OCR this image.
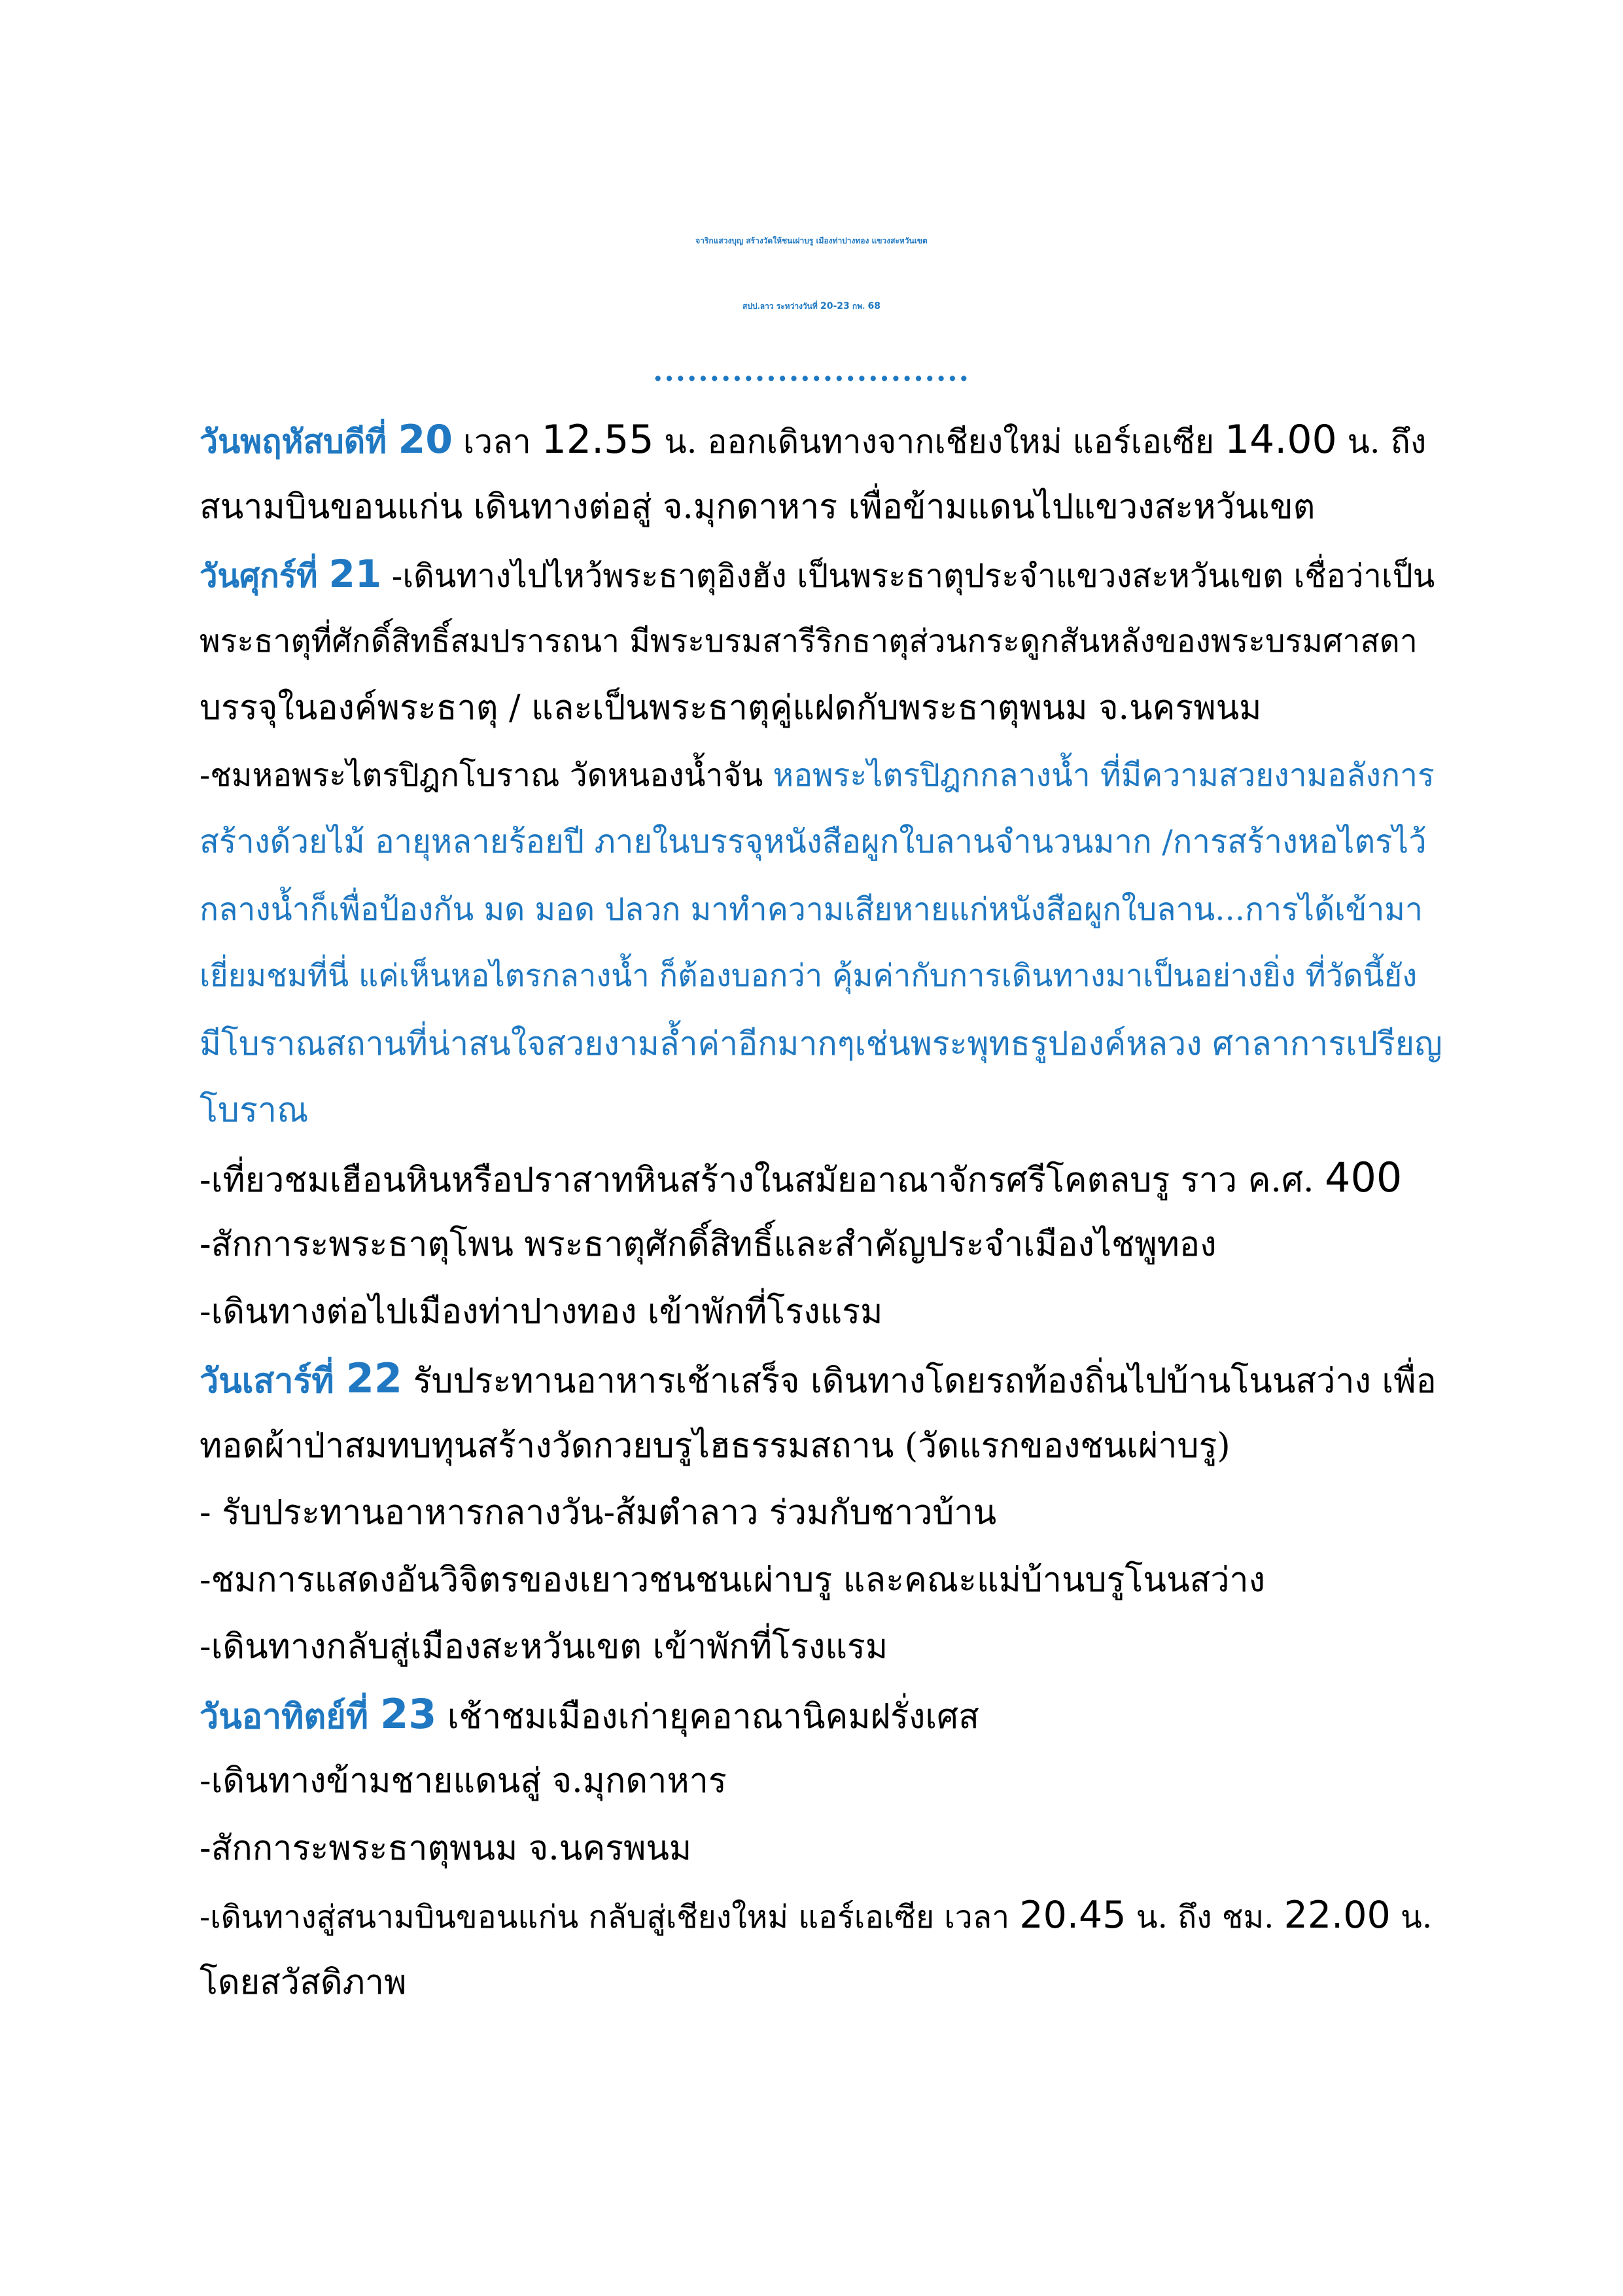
จาริกแสวงบุญ สร้างวัดให้ชนเผ่าบรู เมืองท่าปางทอง แขวงสะหวันเขต
สปป.ลาว ระหว่างวันที่ 20-23 กพ. 68
............................
วันพฤหัสบดีที่ 20 เวลา 12.55 น. ออกเดินทางจากเชียงใหม่ แอร์เอเซีย 14.00 น. ถึง
สนามบินขอนแก่น เดินทางต่อสู่ จ.มุกดาหาร เพื่อข้ามแดนไปแขวงสะหวันเขต
วันศุกร์ที่ 21 -เดินทางไปไหว้พระธาตุอิงฮัง เป็นพระธาตุประจำแขวงสะหวันเขต เชื่อว่าเป็น
พระธาตุที่ศักดิ์สิทธิ์สมปรารถนา มีพระบรมสารีริกธาตุส่วนกระดูกสันหลังของพระบรมศาสดา
บรรจุในองค์พระธาตุ / และเป็นพระธาตุคู่แฝดกับพระธาตุพนม จ.นครพนม
-ชมหอพระไตรปิฎกโบราณ วัดหนองน้ำจัน หอพระไตรปิฎกกลางน้ำ ที่มีความสวยงามอลังการ
สร้างด้วยไม้ อายุหลายร้อยปี ภายในบรรจุหนังสือผูกใบลานจำนวนมาก /การสร้างหอไตรไว้
กลางน้ำก็เพื่อป้องกัน มด มอด ปลวก มาทำความเสียหายแก่หนังสือผูกใบลาน...การได้เข้ามา
เยี่ยมชมที่นี่ แค่เห็นหอไตรกลางน้ำ ก็ต้องบอกว่า คุ้มค่ากับการเดินทางมาเป็นอย่างยิ่ง ที่วัดนี้ยัง
มีโบราณสถานที่น่าสนใจสวยงามล้ำค่าอีกมากๆเช่นพระพุทธรูปองค์หลวง ศาลาการเปรียญ
โบราณ
-เที่ยวชมเฮือนหินหรือปราสาทหินสร้างในสมัยอาณาจักรศรีโคตลบรู ราว ค.ศ. 400
-สักการะพระธาตุโพน พระธาตุศักดิ์สิทธิ์และสำคัญประจำเมืองไชพูทอง
-เดินทางต่อไปเมืองท่าปางทอง เข้าพักที่โรงแรม
วันเสาร์ที่ 22 รับประทานอาหารเช้าเสร็จ เดินทางโดยรถท้องถิ่นไปบ้านโนนสว่าง เพื่อ
ทอดผ้าป่าสมทบทุนสร้างวัดกวยบรูไฮธรรมสถาน (วัดแรกของชนเผ่าบรู)
- รับประทานอาหารกลางวัน-ส้มตำลาว ร่วมกับชาวบ้าน
-ชมการแสดงอันวิจิตรของเยาวชนชนเผ่าบรู และคณะแม่บ้านบรูโนนสว่าง
-เดินทางกลับสู่เมืองสะหวันเขต เข้าพักที่โรงแรม
วันอาทิตย์ที่ 23 เช้าชมเมืองเก่ายุคอาณานิคมฝรั่งเศส
-เดินทางข้ามชายแดนสู่ จ.มุกดาหาร
-สักการะพระธาตุพนม จ.นครพนม
-เดินทางสู่สนามบินขอนแก่น กลับสู่เชียงใหม่ แอร์เอเซีย เวลา 20.45 น. ถึง ชม. 22.00 น.
โดยสวัสดิภาพ
